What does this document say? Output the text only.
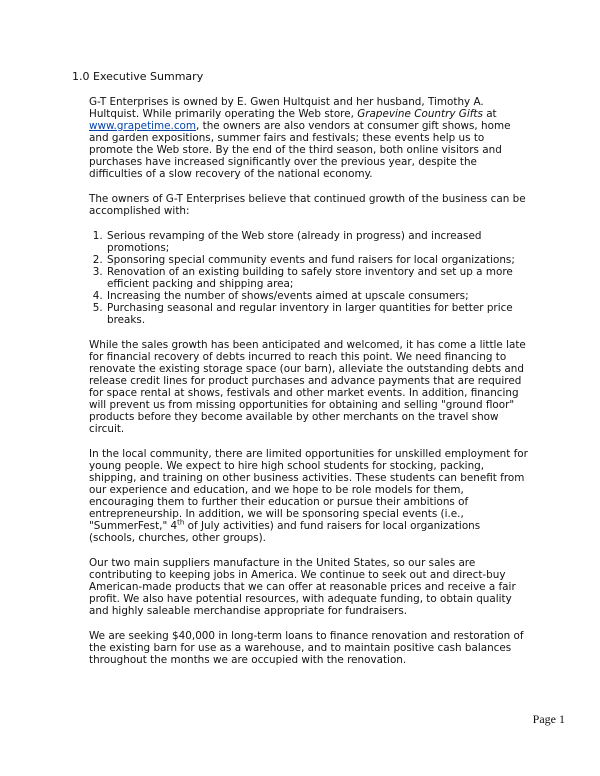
1.0 Executive Summary

G-T Enterprises is owned by E. Gwen Hultquist and her husband, Timothy A. Hultquist. While primarily operating the Web store, Grapevine Country Gifts at www.grapetime.com, the owners are also vendors at consumer gift shows, home and garden expositions, summer fairs and festivals; these events help us to promote the Web store. By the end of the third season, both online visitors and purchases have increased significantly over the previous year, despite the difficulties of a slow recovery of the national economy.

The owners of G-T Enterprises believe that continued growth of the business can be accomplished with:

1. Serious revamping of the Web store (already in progress) and increased promotions;
2. Sponsoring special community events and fund raisers for local organizations;
3. Renovation of an existing building to safely store inventory and set up a more efficient packing and shipping area;
4. Increasing the number of shows/events aimed at upscale consumers;
5. Purchasing seasonal and regular inventory in larger quantities for better price breaks.

While the sales growth has been anticipated and welcomed, it has come a little late for financial recovery of debts incurred to reach this point. We need financing to renovate the existing storage space (our barn), alleviate the outstanding debts and release credit lines for product purchases and advance payments that are required for space rental at shows, festivals and other market events. In addition, financing will prevent us from missing opportunities for obtaining and selling "ground floor" products before they become available by other merchants on the travel show circuit.

In the local community, there are limited opportunities for unskilled employment for young people. We expect to hire high school students for stocking, packing, shipping, and training on other business activities. These students can benefit from our experience and education, and we hope to be role models for them, encouraging them to further their education or pursue their ambitions of entrepreneurship. In addition, we will be sponsoring special events (i.e., "SummerFest," 4th of July activities) and fund raisers for local organizations (schools, churches, other groups).

Our two main suppliers manufacture in the United States, so our sales are contributing to keeping jobs in America. We continue to seek out and direct-buy American-made products that we can offer at reasonable prices and receive a fair profit. We also have potential resources, with adequate funding, to obtain quality and highly saleable merchandise appropriate for fundraisers.

We are seeking $40,000 in long-term loans to finance renovation and restoration of the existing barn for use as a warehouse, and to maintain positive cash balances throughout the months we are occupied with the renovation.

Page 1
